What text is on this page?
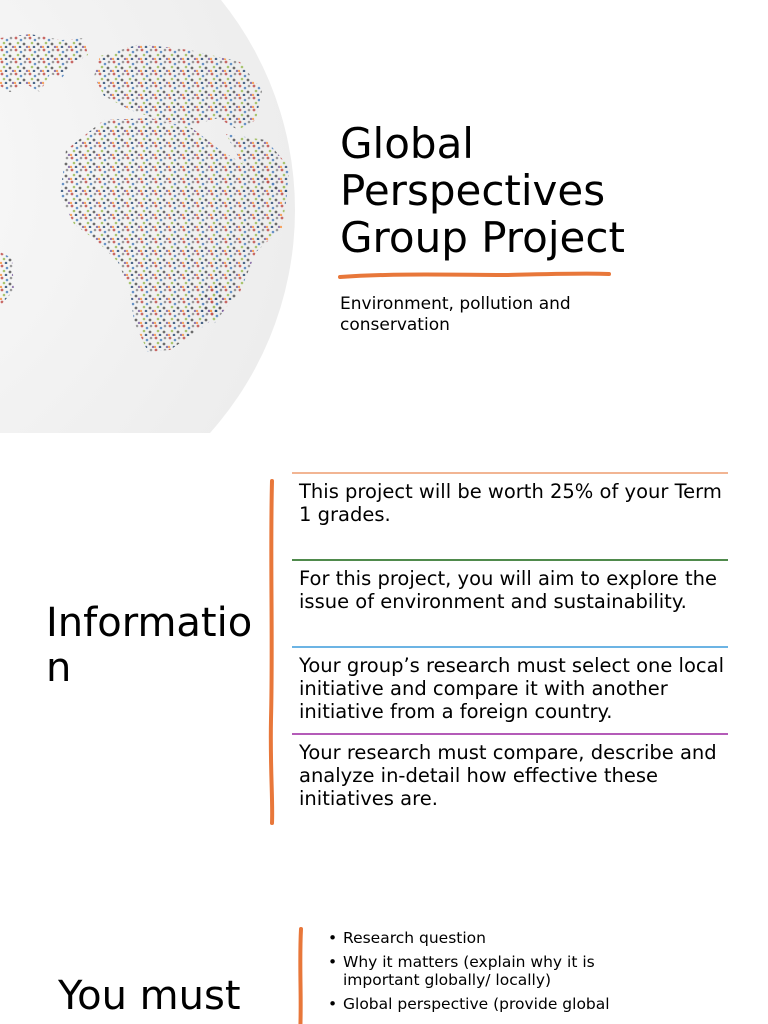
Global
Perspectives
Group Project

Environment, pollution and conservation

Information

This project will be worth 25% of your Term 1 grades.

For this project, you will aim to explore the issue of environment and sustainability.

Your group’s research must select one local initiative and compare it with another initiative from a foreign country.

Your research must compare, describe and analyze in-detail how effective these initiatives are.

You must
• Research question
• Why it matters (explain why it is important globally/ locally)
• Global perspective (provide global
